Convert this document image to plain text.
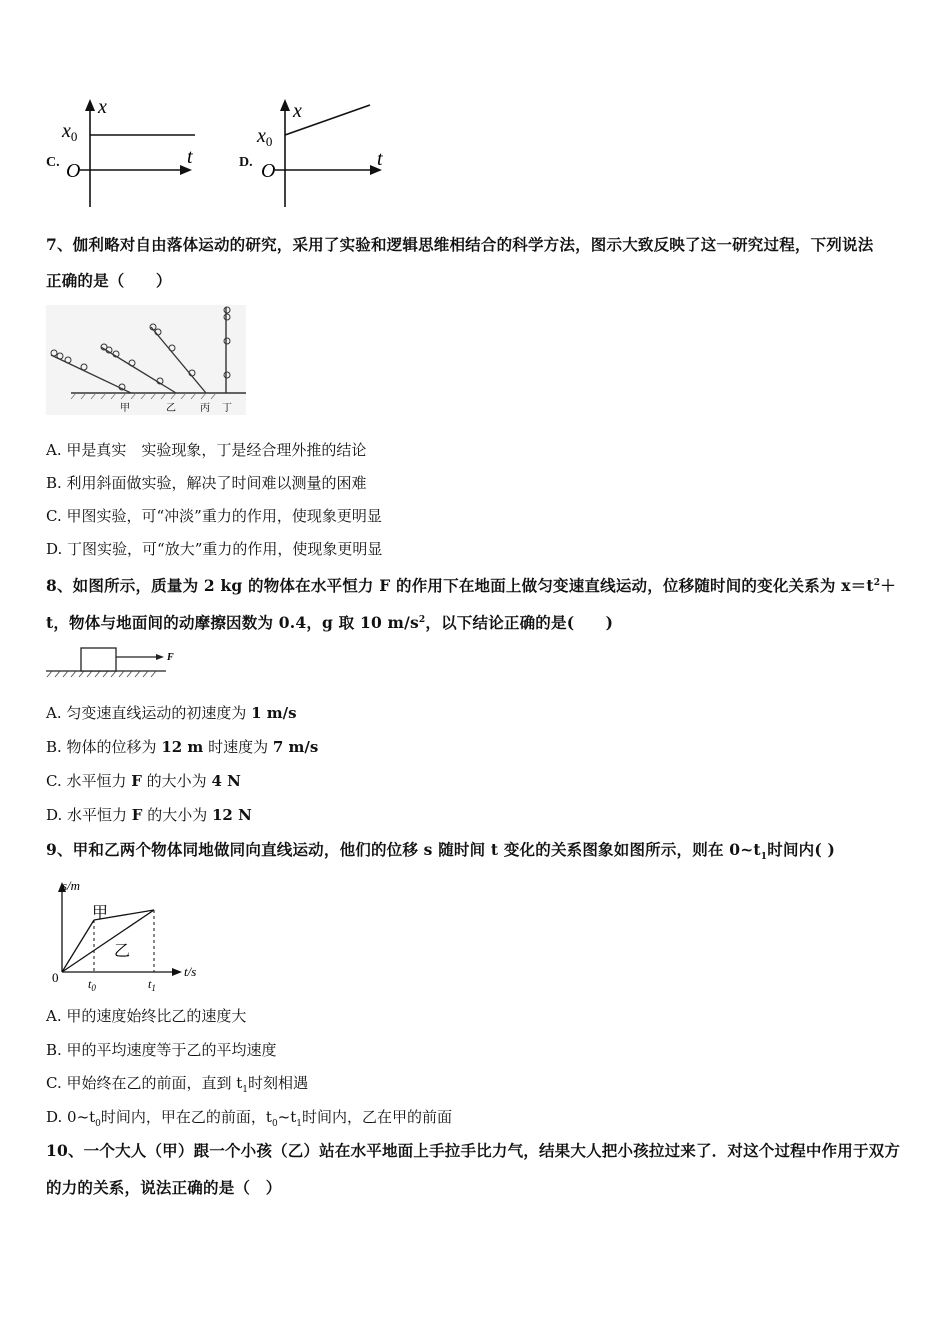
C.
x
$x_0$
O
t	D.
x
$x_0$
O
t
7、伽利略对自由落体运动的研究，采用了实验和逻辑思维相结合的科学方法，图示大致反映了这一研究过程，下列说法
正确的是（　　）
甲	乙 丙 丁
A. 甲是真实　实验现象，丁是经合理外推的结论
B. 利用斜面做实验，解决了时间难以测量的困难
C. 甲图实验，可“冲淡”重力的作用，使现象更明显
D. 丁图实验，可“放大”重力的作用，使现象更明显
8、如图所示，质量为 2 kg 的物体在水平恒力 F 的作用下在地面上做匀变速直线运动，位移随时间的变化关系为 $x=t^2+$
t，物体与地面间的动摩擦因数为 0.4，g 取 10 $m/s^2$，以下结论正确的是(　　)
F
A. 匀变速直线运动的初速度为 1 m/s
B. 物体的位移为 12 m 时速度为 7 m/s
C. 水平恒力 F 的大小为 4 N
D. 水平恒力 F 的大小为 12 N
9、甲和乙两个物体同地做同向直线运动，他们的位移 s 随时间 t 变化的关系图象如图所示，则在 $0\sim t_1$时间内( )
s/m
0	t/s
$t_0$	$t_1$
甲
乙
A. 甲的速度始终比乙的速度大
B. 甲的平均速度等于乙的平均速度
C. 甲始终在乙的前面，直到 $t_1$时刻相遇
D. $0\sim t_0$时间内，甲在乙的前面，$t_0\sim t_1$时间内，乙在甲的前面
10、一个大人（甲）跟一个小孩（乙）站在水平地面上手拉手比力气，结果大人把小孩拉过来了．对这个过程中作用于双方
的力的关系，说法正确的是（　）
